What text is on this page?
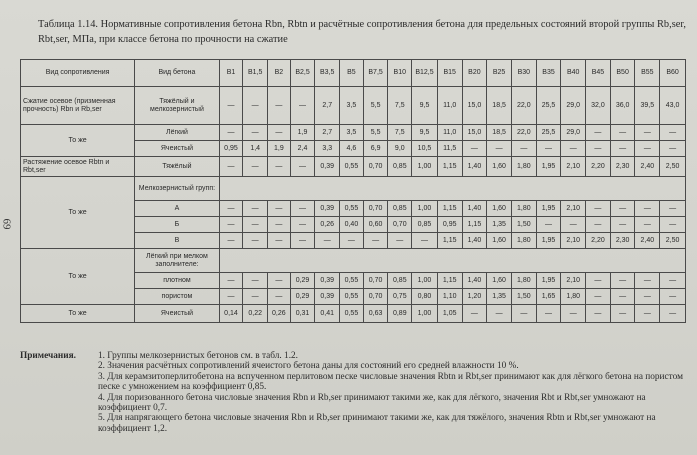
Таблица 1.14. Нормативные сопротивления бетона Rbn, Rbtn и расчётные сопротивления бетона для предельных состояний второй группы Rb,ser, Rbt,ser, МПа, при классе бетона по прочности на сжатие
69
Вид сопротивления	Вид бетона	B1	B1,5	B2	B2,5	B3,5	B5	B7,5	B10	B12,5	B15	B20	B25	B30	B35	B40	B45	B50	B55	B60
Сжатие осевое (призменная прочность) Rbn и Rb,ser	Тяжёлый и мелкозернистый	—	—	—	—	2,7	3,5	5,5	7,5	9,5	11,0	15,0	18,5	22,0	25,5	29,0	32,0	36,0	39,5	43,0
То же	Лёгкий	—	—	—	1,9	2,7	3,5	5,5	7,5	9,5	11,0	15,0	18,5	22,0	25,5	29,0	—	—	—	—
	Ячеистый	0,95	1,4	1,9	2,4	3,3	4,6	6,9	9,0	10,5	11,5	—	—	—	—	—	—	—	—	—
Растяжение осевое Rbtn и Rbt,ser	Тяжёлый	—	—	—	—	0,39	0,55	0,70	0,85	1,00	1,15	1,40	1,60	1,80	1,95	2,10	2,20	2,30	2,40	2,50
То же	Мелкозернистый групп:																			
	А	—	—	—	—	0,39	0,55	0,70	0,85	1,00	1,15	1,40	1,60	1,80	1,95	2,10	—	—	—	—
	Б	—	—	—	—	0,26	0,40	0,60	0,70	0,85	0,95	1,15	1,35	1,50	—	—	—	—	—	—
	В	—	—	—	—	—	—	—	—	—	1,15	1,40	1,60	1,80	1,95	2,10	2,20	2,30	2,40	2,50
То же	Лёгкий при мелком заполнителе:																			
	плотном	—	—	—	0,29	0,39	0,55	0,70	0,85	1,00	1,15	1,40	1,60	1,80	1,95	2,10	—	—	—	—
	пористом	—	—	—	0,29	0,39	0,55	0,70	0,75	0,80	1,10	1,20	1,35	1,50	1,65	1,80	—	—	—	—
То же	Ячеистый	0,14	0,22	0,26	0,31	0,41	0,55	0,63	0,89	1,00	1,05	—	—	—	—	—	—	—	—	—
Примечания. 1. Группы мелкозернистых бетонов см. в табл. 1.2.
2. Значения расчётных сопротивлений ячеистого бетона даны для состояний его средней влажности 10 %.
3. Для керамзитоперлитобетона на вспученном перлитовом песке числовые значения Rbtn и Rbt,ser принимают как для лёгкого бетона на пористом песке с умножением на коэффициент 0,85.
4. Для поризованного бетона числовые значения Rbn и Rb,ser принимают такими же, как для лёгкого, значения Rbt и Rbt,ser умножают на коэффициент 0,7.
5. Для напрягающего бетона числовые значения Rbn и Rb,ser принимают такими же, как для тяжёлого, значения Rbtn и Rbt,ser умножают на коэффициент 1,2.
